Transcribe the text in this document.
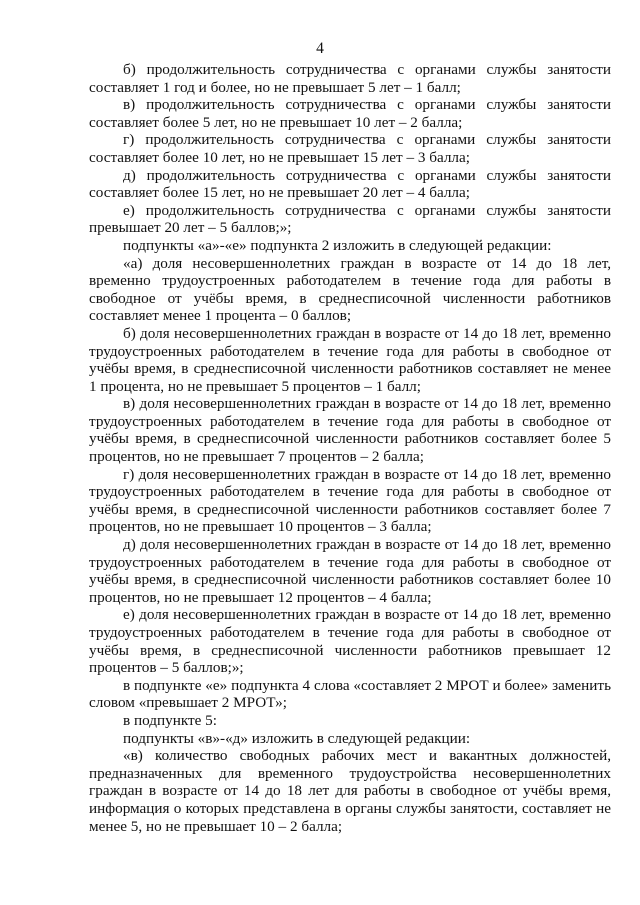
4

б) продолжительность сотрудничества с органами службы занятости составляет 1 год и более, но не превышает 5 лет – 1 балл;

в) продолжительность сотрудничества с органами службы занятости составляет более 5 лет, но не превышает 10 лет – 2 балла;

г) продолжительность сотрудничества с органами службы занятости составляет более 10 лет, но не превышает 15 лет – 3 балла;

д) продолжительность сотрудничества с органами службы занятости составляет более 15 лет, но не превышает 20 лет – 4 балла;

е) продолжительность сотрудничества с органами службы занятости превышает 20 лет – 5 баллов;»;

подпункты «а»-«е» подпункта 2 изложить в следующей редакции:

«а) доля несовершеннолетних граждан в возрасте от 14 до 18 лет, временно трудоустроенных работодателем в течение года для работы в свободное от учёбы время, в среднесписочной численности работников составляет менее 1 процента – 0 баллов;

б) доля несовершеннолетних граждан в возрасте от 14 до 18 лет, временно трудоустроенных работодателем в течение года для работы в свободное от учёбы время, в среднесписочной численности работников составляет не менее 1 процента, но не превышает 5 процентов – 1 балл;

в) доля несовершеннолетних граждан в возрасте от 14 до 18 лет, временно трудоустроенных работодателем в течение года для работы в свободное от учёбы время, в среднесписочной численности работников составляет более 5 процентов, но не превышает 7 процентов – 2 балла;

г) доля несовершеннолетних граждан в возрасте от 14 до 18 лет, временно трудоустроенных работодателем в течение года для работы в свободное от учёбы время, в среднесписочной численности работников составляет более 7 процентов, но не превышает 10 процентов – 3 балла;

д) доля несовершеннолетних граждан в возрасте от 14 до 18 лет, временно трудоустроенных работодателем в течение года для работы в свободное от учёбы время, в среднесписочной численности работников составляет более 10 процентов, но не превышает 12 процентов – 4 балла;

е) доля несовершеннолетних граждан в возрасте от 14 до 18 лет, временно трудоустроенных работодателем в течение года для работы в свободное от учёбы время, в среднесписочной численности работников превышает 12 процентов – 5 баллов;»;

в подпункте «е» подпункта 4 слова «составляет 2 МРОТ и более» заменить словом «превышает 2 МРОТ»;

в подпункте 5:

подпункты «в»-«д» изложить в следующей редакции:

«в) количество свободных рабочих мест и вакантных должностей, предназначенных для временного трудоустройства несовершеннолетних граждан в возрасте от 14 до 18 лет для работы в свободное от учёбы время, информация о которых представлена в органы службы занятости, составляет не менее 5, но не превышает 10 – 2 балла;
